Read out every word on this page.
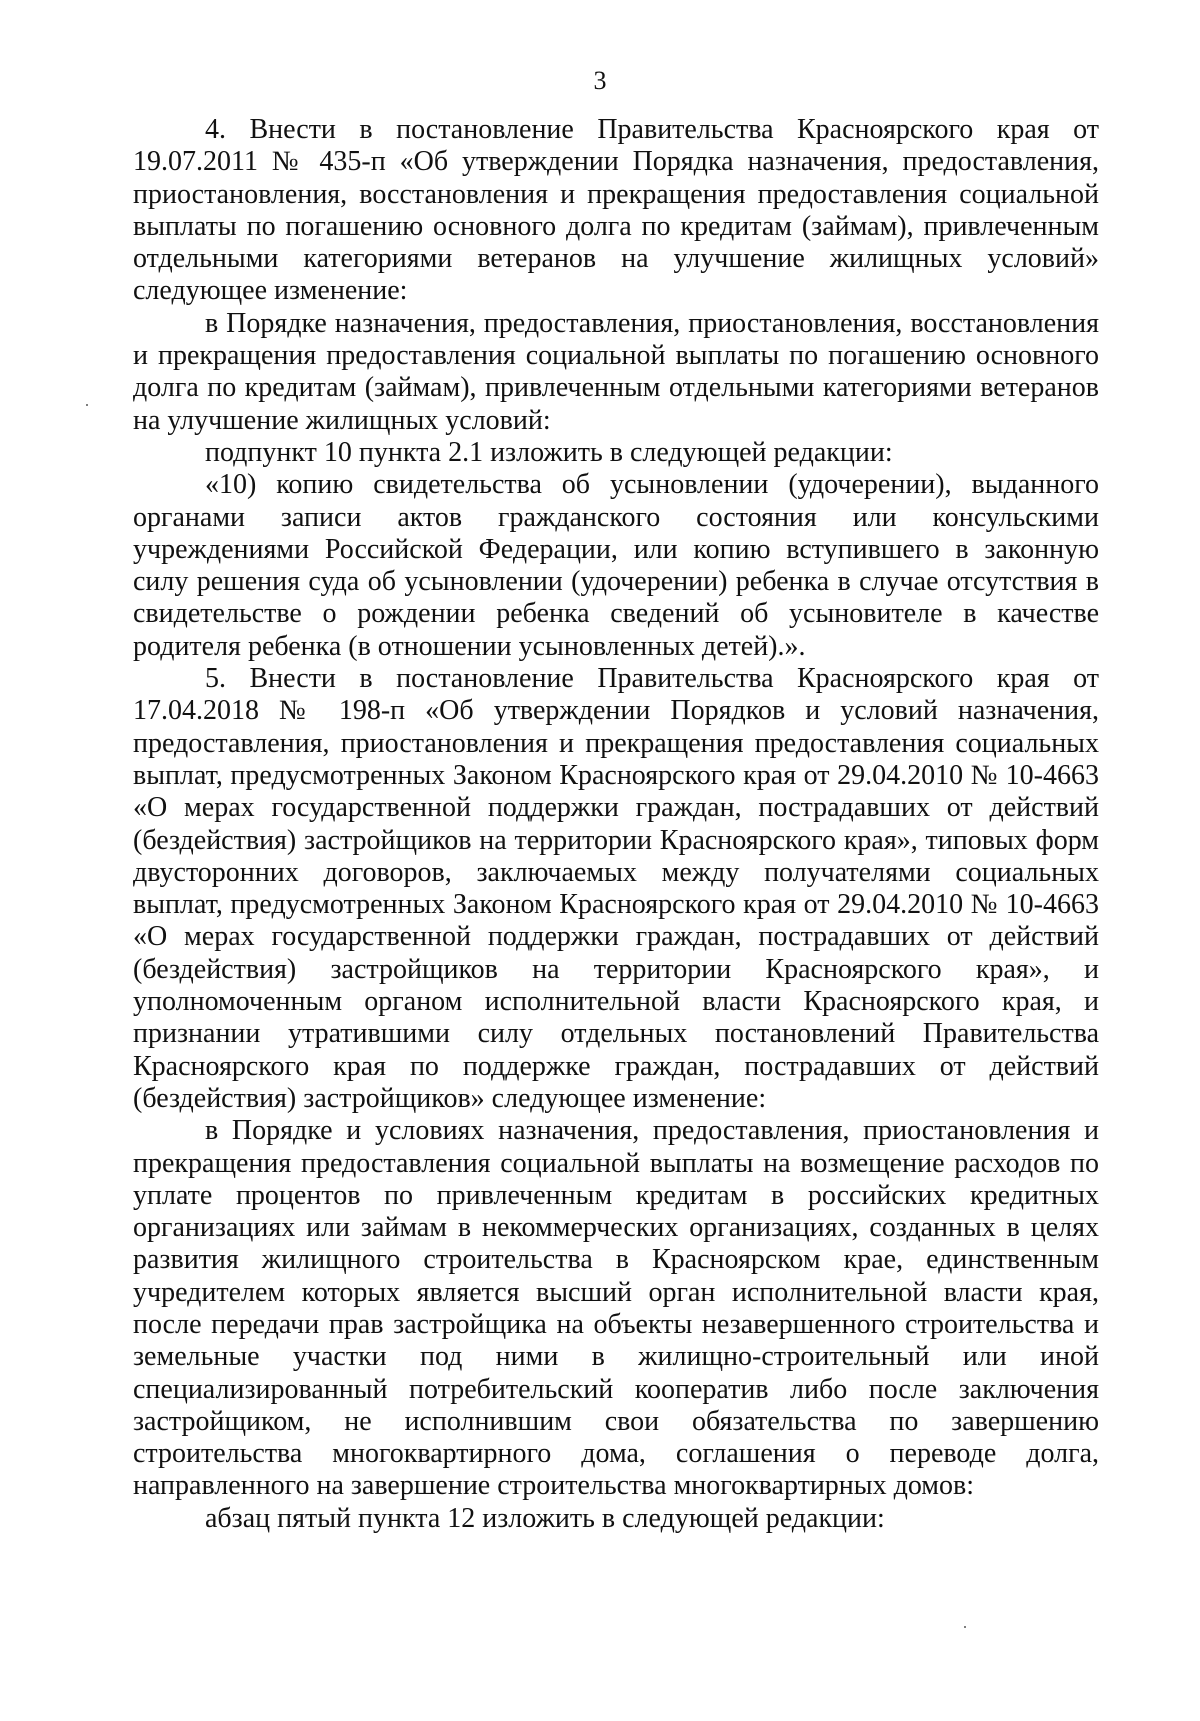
3

4. Внести в постановление Правительства Красноярского края от 19.07.2011 № 435-п «Об утверждении Порядка назначения, предоставления, приостановления, восстановления и прекращения предоставления социальной выплаты по погашению основного долга по кредитам (займам), привлеченным отдельными категориями ветеранов на улучшение жилищных условий» следующее изменение:

в Порядке назначения, предоставления, приостановления, восстановления и прекращения предоставления социальной выплаты по погашению основного долга по кредитам (займам), привлеченным отдельными категориями ветеранов на улучшение жилищных условий:

подпункт 10 пункта 2.1 изложить в следующей редакции:

«10) копию свидетельства об усыновлении (удочерении), выданного органами записи актов гражданского состояния или консульскими учреждениями Российской Федерации, или копию вступившего в законную силу решения суда об усыновлении (удочерении) ребенка в случае отсутствия в свидетельстве о рождении ребенка сведений об усыновителе в качестве родителя ребенка (в отношении усыновленных детей).».

5. Внести в постановление Правительства Красноярского края от 17.04.2018 № 198-п «Об утверждении Порядков и условий назначения, предоставления, приостановления и прекращения предоставления социальных выплат, предусмотренных Законом Красноярского края от 29.04.2010 № 10-4663 «О мерах государственной поддержки граждан, пострадавших от действий (бездействия) застройщиков на территории Красноярского края», типовых форм двусторонних договоров, заключаемых между получателями социальных выплат, предусмотренных Законом Красноярского края от 29.04.2010 № 10-4663 «О мерах государственной поддержки граждан, пострадавших от действий (бездействия) застройщиков на территории Красноярского края», и уполномоченным органом исполнительной власти Красноярского края, и признании утратившими силу отдельных постановлений Правительства Красноярского края по поддержке граждан, пострадавших от действий (бездействия) застройщиков» следующее изменение:

в Порядке и условиях назначения, предоставления, приостановления и прекращения предоставления социальной выплаты на возмещение расходов по уплате процентов по привлеченным кредитам в российских кредитных организациях или займам в некоммерческих организациях, созданных в целях развития жилищного строительства в Красноярском крае, единственным учредителем которых является высший орган исполнительной власти края, после передачи прав застройщика на объекты незавершенного строительства и земельные участки под ними в жилищно-строительный или иной специализированный потребительский кооператив либо после заключения застройщиком, не исполнившим свои обязательства по завершению строительства многоквартирного дома, соглашения о переводе долга, направленного на завершение строительства многоквартирных домов:

абзац пятый пункта 12 изложить в следующей редакции:
